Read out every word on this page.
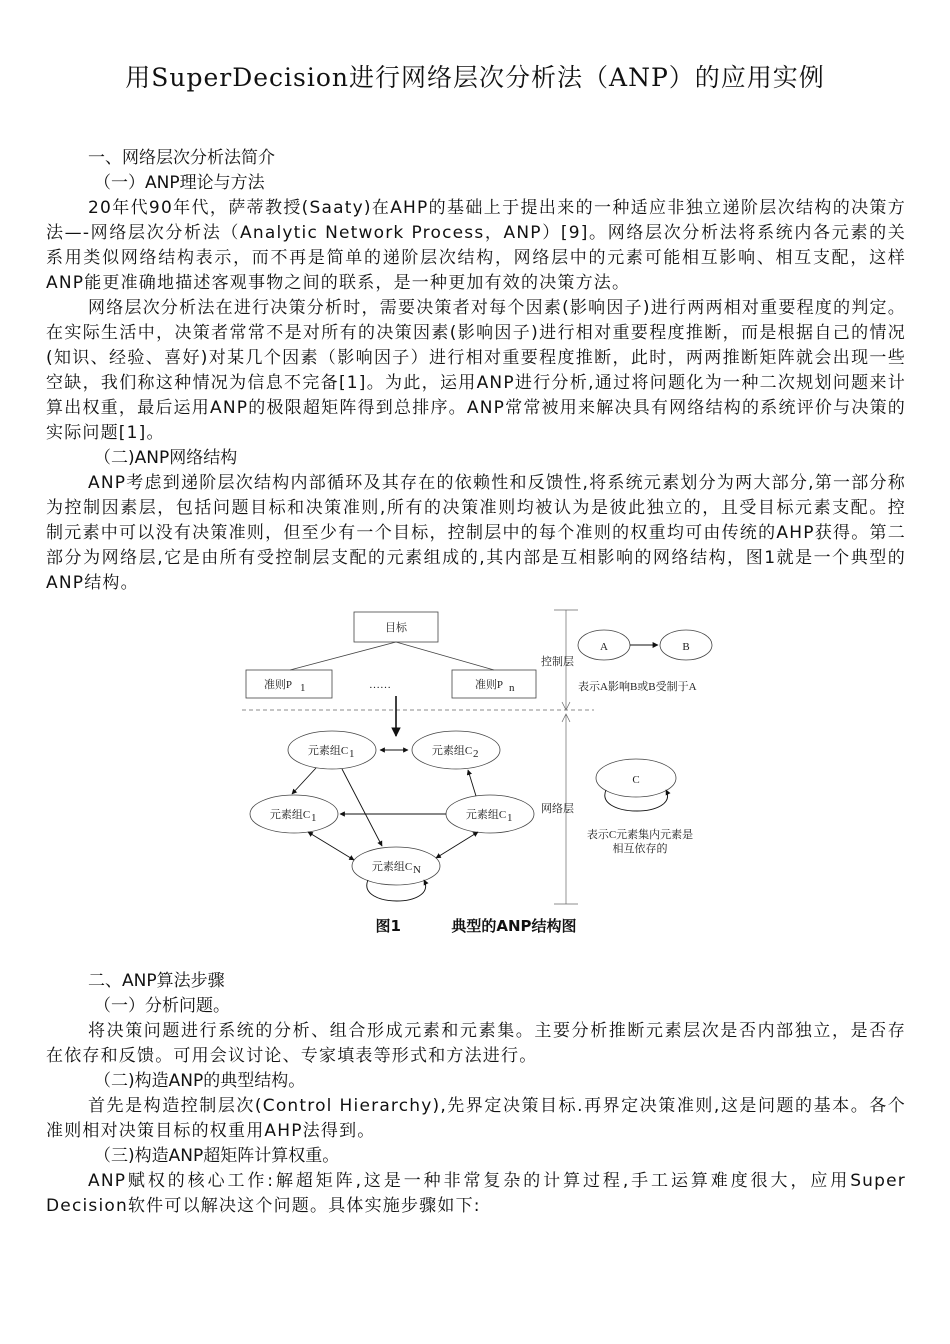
用SuperDecision进行网络层次分析法（ANP）的应用实例

一、网络层次分析法简介

（一）ANP理论与方法

20年代90年代，萨蒂教授(Saaty)在AHP的基础上于提出来的一种适应非独立递阶层次结构的决策方法—-网络层次分析法（Analytic Network Process，ANP）[9]。网络层次分析法将系统内各元素的关系用类似网络结构表示，而不再是简单的递阶层次结构，网络层中的元素可能相互影响、相互支配，这样ANP能更准确地描述客观事物之间的联系，是一种更加有效的决策方法。

网络层次分析法在进行决策分析时，需要决策者对每个因素(影响因子)进行两两相对重要程度的判定。在实际生活中，决策者常常不是对所有的决策因素(影响因子)进行相对重要程度推断，而是根据自己的情况(知识、经验、喜好)对某几个因素（影响因子）进行相对重要程度推断，此时，两两推断矩阵就会出现一些空缺，我们称这种情况为信息不完备[1]。为此，运用ANP进行分析,通过将问题化为一种二次规划问题来计算出权重，最后运用ANP的极限超矩阵得到总排序。ANP常常被用来解决具有网络结构的系统评价与决策的实际问题[1]。

（二)ANP网络结构

ANP考虑到递阶层次结构内部循环及其存在的依赖性和反馈性,将系统元素划分为两大部分,第一部分称为控制因素层，包括问题目标和决策准则,所有的决策准则均被认为是彼此独立的，且受目标元素支配。控制元素中可以没有决策准则，但至少有一个目标，控制层中的每个准则的权重均可由传统的AHP获得。第二部分为网络层,它是由所有受控制层支配的元素组成的,其内部是互相影响的网络结构，图1就是一个典型的ANP结构。

目标
准则P 1	……	准则P n
控制层
网络层
A	B
表示A影响B或B受制于A
元素组C 1	元素组C 2
元素组C 1	元素组C 1
元素组C N
C
表示C元素集内元素是
相互依存的
图1	典型的ANP结构图

二、ANP算法步骤

（一）分析问题。

将决策问题进行系统的分析、组合形成元素和元素集。主要分析推断元素层次是否内部独立，是否存在依存和反馈。可用会议讨论、专家填表等形式和方法进行。

（二)构造ANP的典型结构。

首先是构造控制层次(Control Hierarchy),先界定决策目标.再界定决策准则,这是问题的基本。各个准则相对决策目标的权重用AHP法得到。

（三)构造ANP超矩阵计算权重。

ANP赋权的核心工作:解超矩阵,这是一种非常复杂的计算过程,手工运算难度很大，应用Super Decision软件可以解决这个问题。具体实施步骤如下:
